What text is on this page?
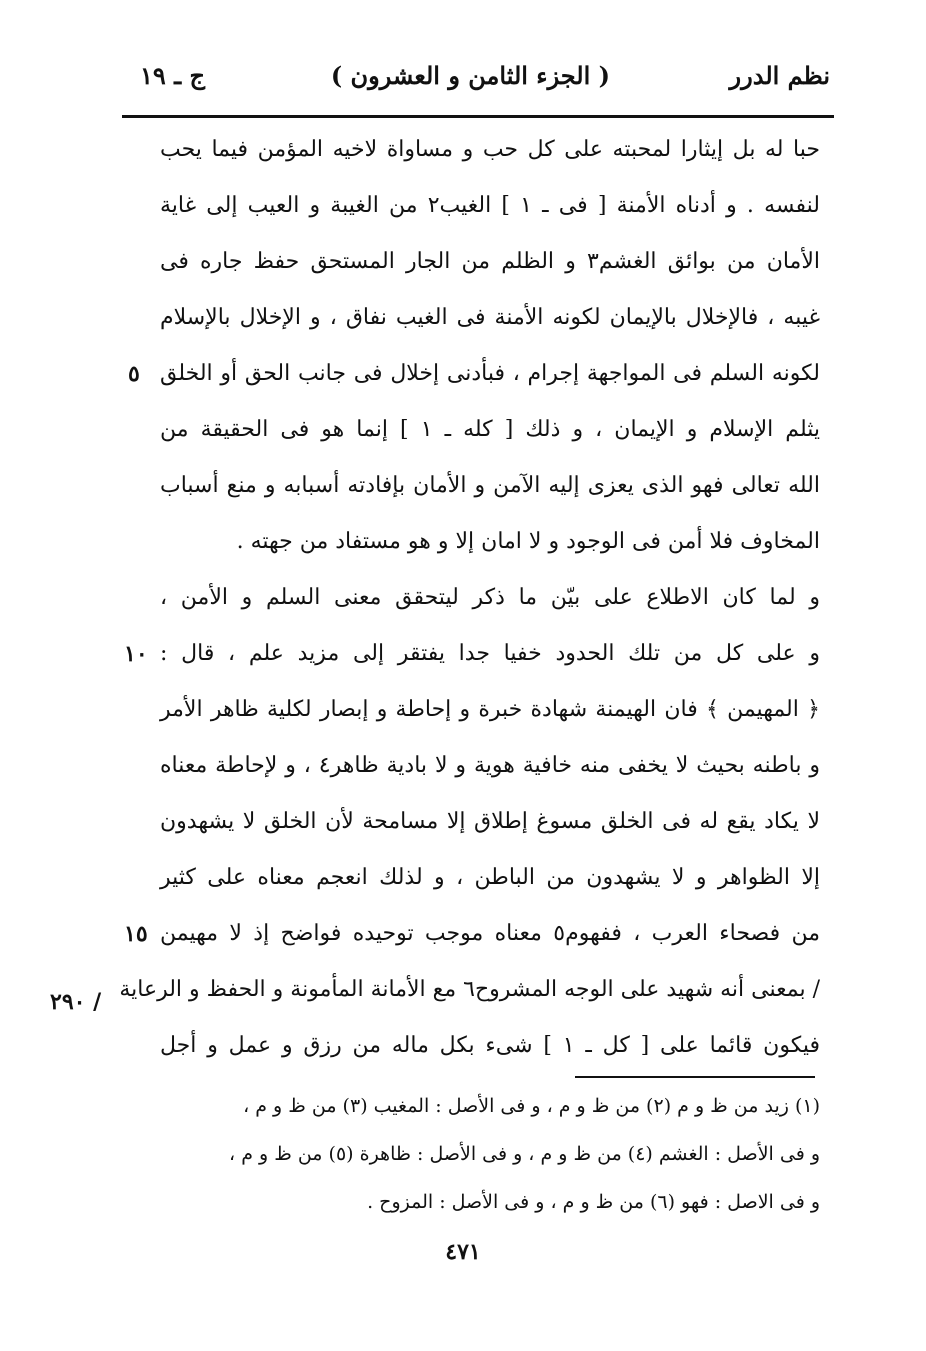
نظم الدرر
( الجزء الثامن و العشرون )
ج ـ ١٩
حبا له بل إيثارا لمحبته على كل حب و مساواة لاخيه المؤمن فيما يحب
لنفسه . و أدناه الأمنة [ فى ـ ١ ] الغيب٢ من الغيبة و العيب إلى غاية
الأمان من بوائق الغشم٣ و الظلم من الجار المستحق حفظ جاره فى
غيبه ، فالإخلال بالإيمان لكونه الأمنة فى الغيب نفاق ، و الإخلال بالإسلام
لكونه السلم فى المواجهة إجرام ، فبأدنى إخلال فى جانب الحق أو الخلق
يثلم الإسلام و الإيمان ، و ذلك [ كله ـ ١ ] إنما هو فى الحقيقة من
الله تعالى فهو الذى يعزى إليه الآمن و الأمان بإفادته أسبابه و منع أسباب
المخاوف فلا أمن فى الوجود و لا امان إلا و هو مستفاد من جهته .
و لما كان الاطلاع على بيّن ما ذكر ليتحقق معنى السلم و الأمن ،
و على كل من تلك الحدود خفيا جدا يفتقر إلى مزيد علم ، قال :
﴿ المهيمن ﴾ فان الهيمنة شهادة خبرة و إحاطة و إبصار لكلية ظاهر الأمر
و باطنه بحيث لا يخفى منه خافية هوية و لا بادية ظاهر٤ ، و لإحاطة معناه
لا يكاد يقع له فى الخلق مسوغ إطلاق إلا مسامحة لأن الخلق لا يشهدون
إلا الظواهر و لا يشهدون من الباطن ، و لذلك انعجم معناه على كثير
من فصحاء العرب ، ففهوم٥ معناه موجب توحيده فواضح إذ لا مهيمن
/ بمعنى أنه شهيد على الوجه المشروح٦ مع الأمانة المأمونة و الحفظ و الرعاية
فيكون قائما على [ كل ـ ١ ] شىء بكل ماله من رزق و عمل و أجل
٥
١٠
١٥
/ ٢٩٠
(١) زيد من ظ و م (٢) من ظ و م ، و فى الأصل : المغيب (٣) من ظ و م ،
و فى الأصل : الغشم (٤) من ظ و م ، و فى الأصل : ظاهرة (٥) من ظ و م ،
و فى الاصل : فهو (٦) من ظ و م ، و فى الأصل : المزوح .
٤٧١
